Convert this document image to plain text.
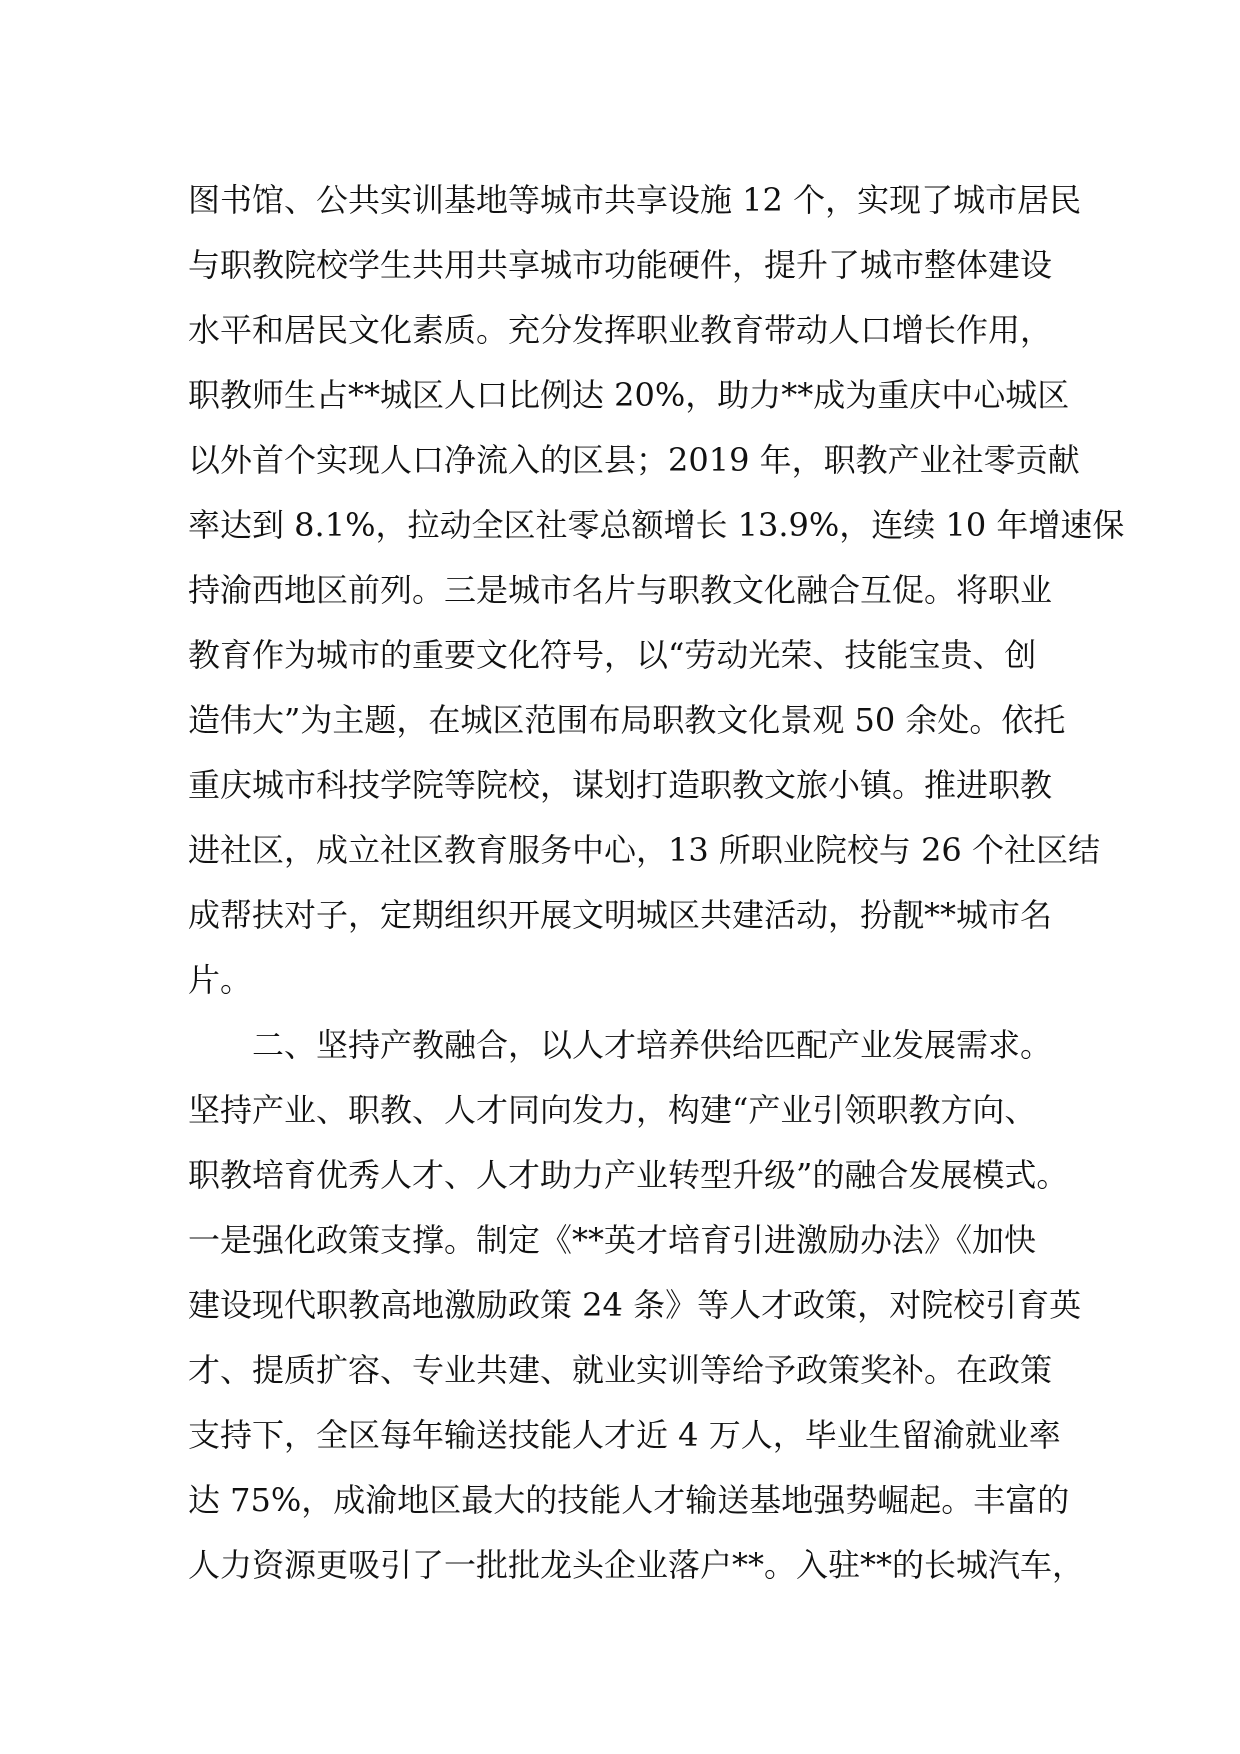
图书馆、公共实训基地等城市共享设施 12 个，实现了城市居民
与职教院校学生共用共享城市功能硬件，提升了城市整体建设
水平和居民文化素质。充分发挥职业教育带动人口增长作用，
职教师生占**城区人口比例达 20%，助力**成为重庆中心城区
以外首个实现人口净流入的区县；2019 年，职教产业社零贡献
率达到 8.1%，拉动全区社零总额增长 13.9%，连续 10 年增速保
持渝西地区前列。三是城市名片与职教文化融合互促。将职业
教育作为城市的重要文化符号，以“劳动光荣、技能宝贵、创
造伟大”为主题，在城区范围布局职教文化景观 50 余处。依托
重庆城市科技学院等院校，谋划打造职教文旅小镇。推进职教
进社区，成立社区教育服务中心，13 所职业院校与 26 个社区结
成帮扶对子，定期组织开展文明城区共建活动，扮靓**城市名
片。
二、坚持产教融合，以人才培养供给匹配产业发展需求。
坚持产业、职教、人才同向发力，构建“产业引领职教方向、
职教培育优秀人才、人才助力产业转型升级”的融合发展模式。
一是强化政策支撑。制定《**英才培育引进激励办法》《加快
建设现代职教高地激励政策 24 条》等人才政策，对院校引育英
才、提质扩容、专业共建、就业实训等给予政策奖补。在政策
支持下，全区每年输送技能人才近 4 万人，毕业生留渝就业率
达 75%，成渝地区最大的技能人才输送基地强势崛起。丰富的
人力资源更吸引了一批批龙头企业落户**。入驻**的长城汽车，
